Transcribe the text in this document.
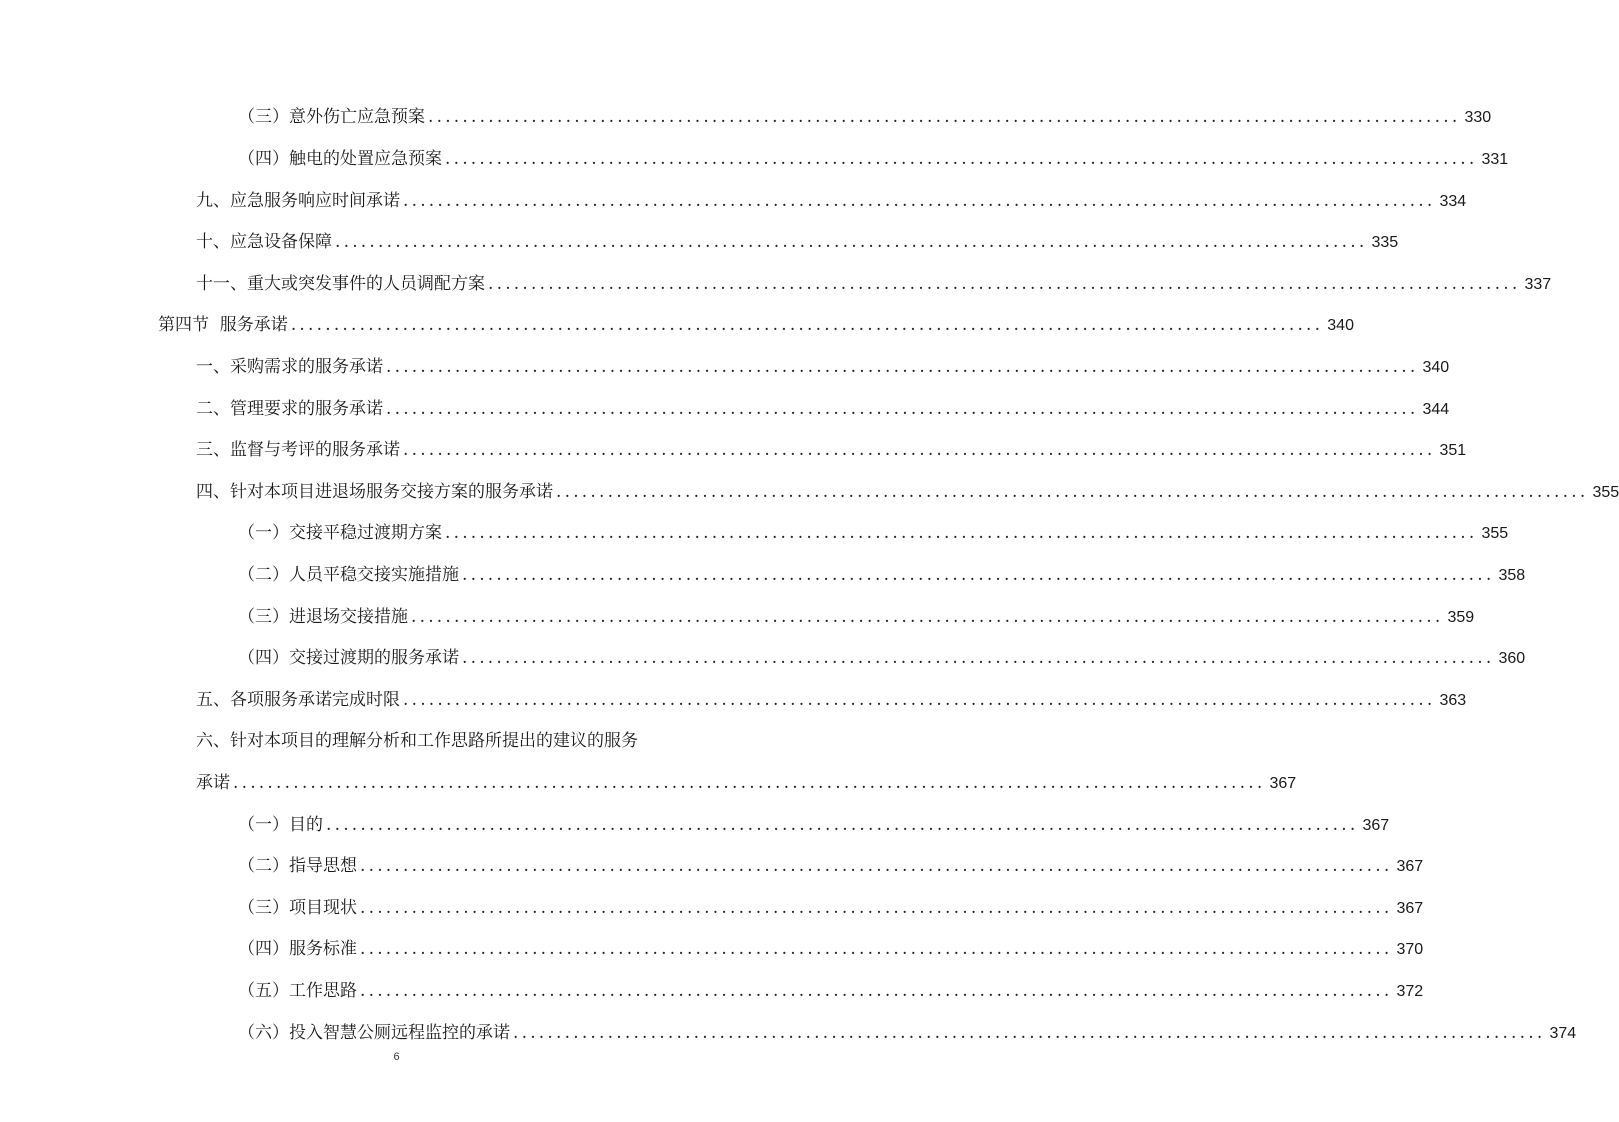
（三）意外伤亡应急预案 ........................................................................................................................ 330
（四）触电的处置应急预案 ........................................................................................................................ 331
九、应急服务响应时间承诺 ........................................................................................................................ 334
十、应急设备保障 ........................................................................................................................ 335
十一、重大或突发事件的人员调配方案 ........................................................................................................................ 337
第四节  服务承诺 ........................................................................................................................ 340
一、采购需求的服务承诺 ........................................................................................................................ 340
二、管理要求的服务承诺 ........................................................................................................................ 344
三、监督与考评的服务承诺 ........................................................................................................................ 351
四、针对本项目进退场服务交接方案的服务承诺 ........................................................................................................................ 355
（一）交接平稳过渡期方案 ........................................................................................................................ 355
（二）人员平稳交接实施措施 ........................................................................................................................ 358
（三）进退场交接措施 ........................................................................................................................ 359
（四）交接过渡期的服务承诺 ........................................................................................................................ 360
五、各项服务承诺完成时限 ........................................................................................................................ 363
六、针对本项目的理解分析和工作思路所提出的建议的服务
承诺 ........................................................................................................................ 367
（一）目的 ........................................................................................................................ 367
（二）指导思想 ........................................................................................................................ 367
（三）项目现状 ........................................................................................................................ 367
（四）服务标准 ........................................................................................................................ 370
（五）工作思路 ........................................................................................................................ 372
（六）投入智慧公厕远程监控的承诺 ........................................................................................................................ 374
6
